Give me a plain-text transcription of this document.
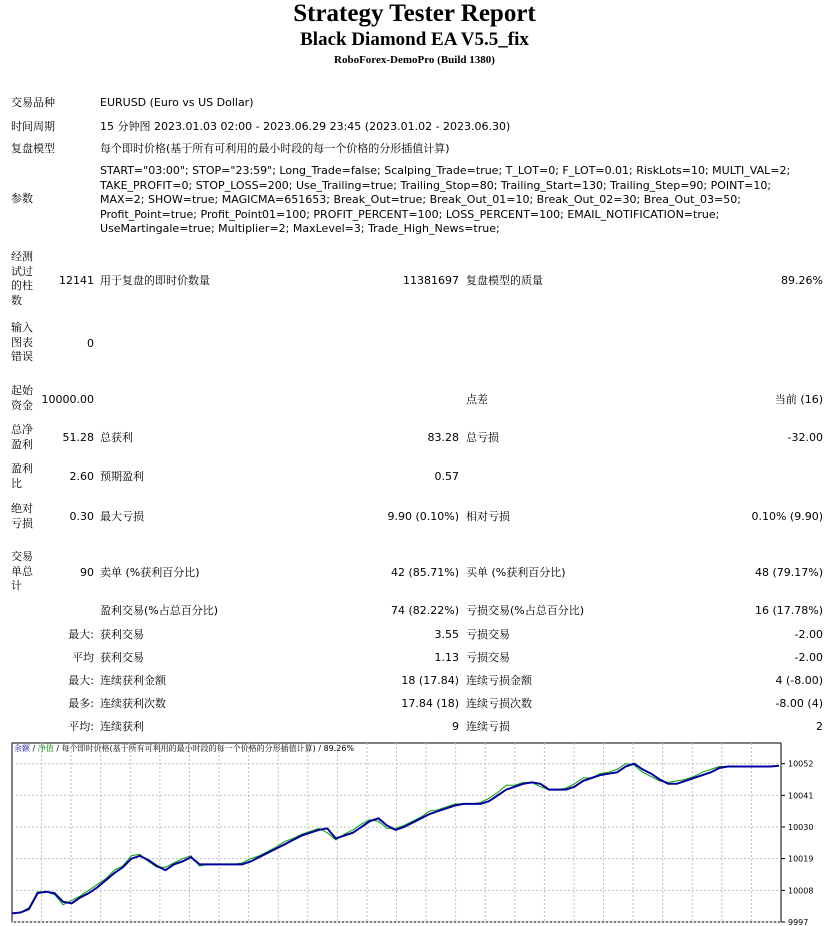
Strategy Tester Report
Black Diamond EA V5.5_fix
RoboForex-DemoPro (Build 1380)
交易品种	EURUSD (Euro vs US Dollar)
时间周期	15 分钟图 2023.01.03 02:00 - 2023.06.29 23:45 (2023.01.02 - 2023.06.30)
复盘模型	每个即时价格(基于所有可利用的最小时段的每一个价格的分形插值计算)
参数
START="03:00"; STOP="23:59"; Long_Trade=false; Scalping_Trade=true; T_LOT=0; F_LOT=0.01; RiskLots=10; MULTI_VAL=2; TAKE_PROFIT=0; STOP_LOSS=200; Use_Trailing=true; Trailing_Stop=80; Trailing_Start=130; Trailing_Step=90; POINT=10; MAX=2; SHOW=true; MAGICMA=651653; Break_Out=true; Break_Out_01=10; Break_Out_02=30; Brea_Out_03=50; Profit_Point=true; Profit_Point01=100; PROFIT_PERCENT=100; LOSS_PERCENT=100; EMAIL_NOTIFICATION=true; UseMartingale=true; Multiplier=2; MaxLevel=3; Trade_High_News=true;
经测试过的柱数
12141 用于复盘的即时价数量	11381697 复盘模型的质量	89.26%
输入图表错误
0
起始资金 10000.00	点差	当前 (16)
总净盈利	51.28 总获利	83.28 总亏损	-32.00
盈利比	2.60 预期盈利	0.57
绝对亏损	0.30 最大亏损	9.90 (0.10%) 相对亏损	0.10% (9.90)
交易单总计
90 卖单 (%获利百分比)	42 (85.71%) 买单 (%获利百分比)	48 (79.17%)
盈利交易(%占总百分比)	74 (82.22%) 亏损交易(%占总百分比)	16 (17.78%)
最大: 获利交易	3.55 亏损交易	-2.00
平均 获利交易	1.13 亏损交易	-2.00
最大: 连续获利金额	18 (17.84) 连续亏损金额	4 (-8.00)
最多: 连续获利次数	17.84 (18) 连续亏损次数	-8.00 (4)
平均: 连续获利	9 连续亏损	2
10052
10041
10030
10019
10008
9997
余额 / 净值 / 每个即时价格(基于所有可利用的最小时段的每一个价格的分形插值计算) / 89.26%
